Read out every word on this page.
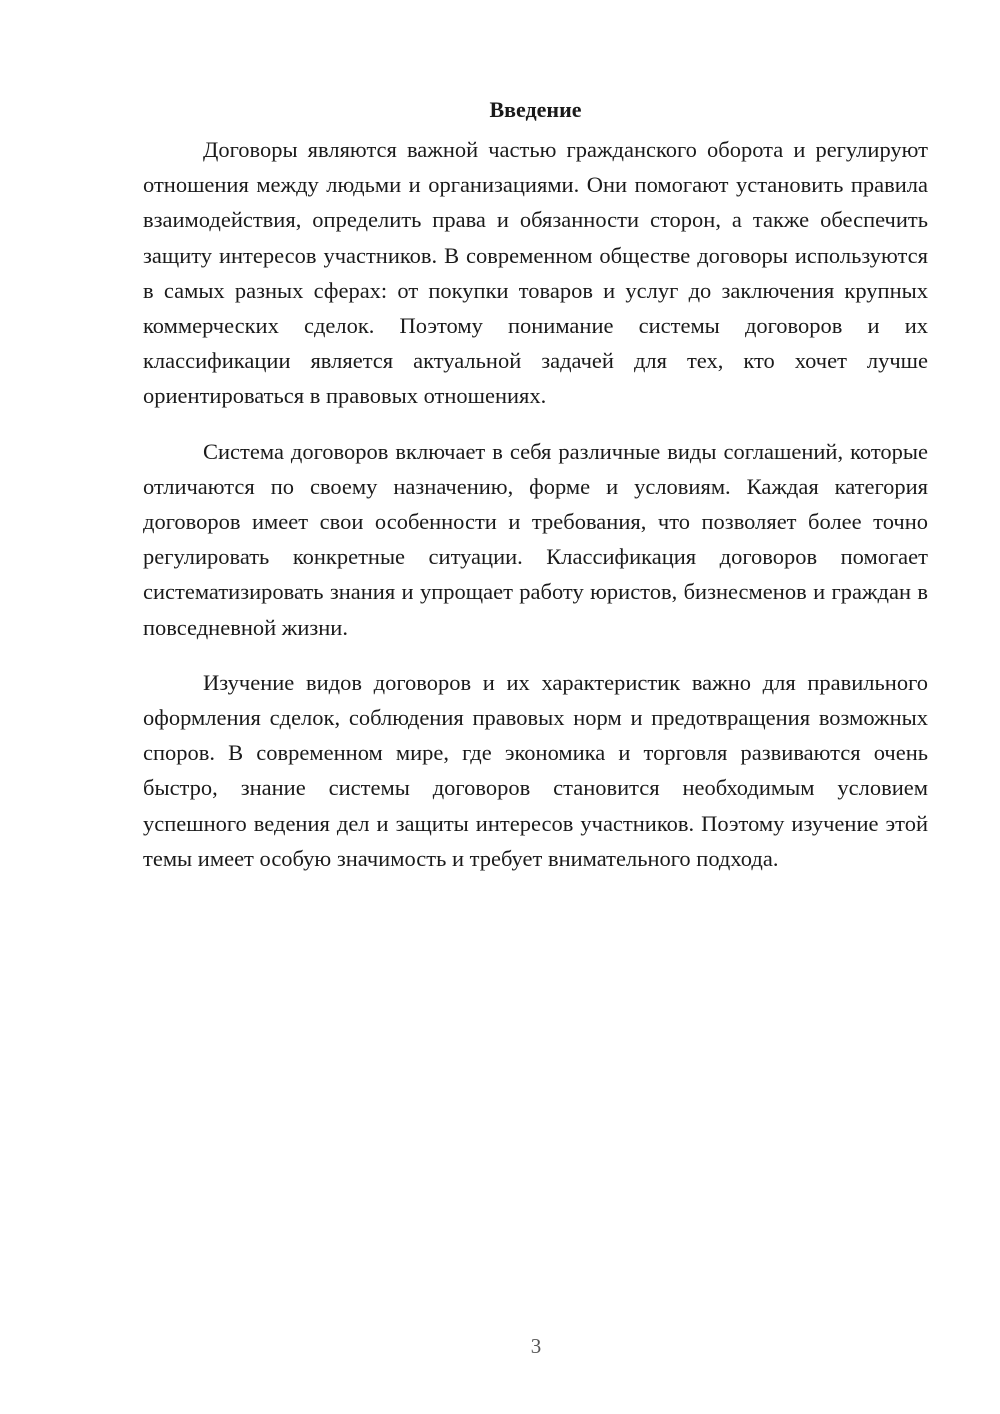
Введение

Договоры являются важной частью гражданского оборота и регулируют отношения между людьми и организациями. Они помогают установить правила взаимодействия, определить права и обязанности сторон, а также обеспечить защиту интересов участников. В современном обществе договоры используются в самых разных сферах: от покупки товаров и услуг до заключения крупных коммерческих сделок. Поэтому понимание системы договоров и их классификации является актуальной задачей для тех, кто хочет лучше ориентироваться в правовых отношениях.

Система договоров включает в себя различные виды соглашений, которые отличаются по своему назначению, форме и условиям. Каждая категория договоров имеет свои особенности и требования, что позволяет более точно регулировать конкретные ситуации. Классификация договоров помогает систематизировать знания и упрощает работу юристов, бизнесменов и граждан в повседневной жизни.

Изучение видов договоров и их характеристик важно для правильного оформления сделок, соблюдения правовых норм и предотвращения возможных споров. В современном мире, где экономика и торговля развиваются очень быстро, знание системы договоров становится необходимым условием успешного ведения дел и защиты интересов участников. Поэтому изучение этой темы имеет особую значимость и требует внимательного подхода.

3
